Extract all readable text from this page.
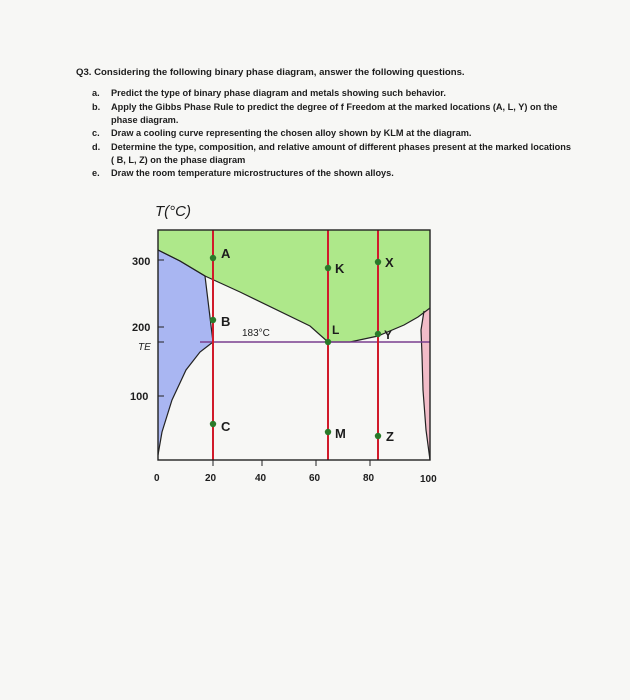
Q3. Considering the following binary phase diagram, answer the following questions.
a.	Predict the type of binary phase diagram and metals showing such behavior.
b.	Apply the Gibbs Phase Rule to predict the degree of f Freedom at the marked locations (A, L, Y) on the phase diagram.
c.	Draw a cooling curve representing the chosen alloy shown by KLM at the diagram.
d.	Determine the type, composition, and relative amount of different phases present at the marked locations ( B, L, Z) on the phase diagram
e.	Draw the room temperature microstructures of the shown alloys.
T(°C)
300
200
TE
100
0	20	40	60	80	100
183°C
A
B
C
K
L
M
X
Y
Z
